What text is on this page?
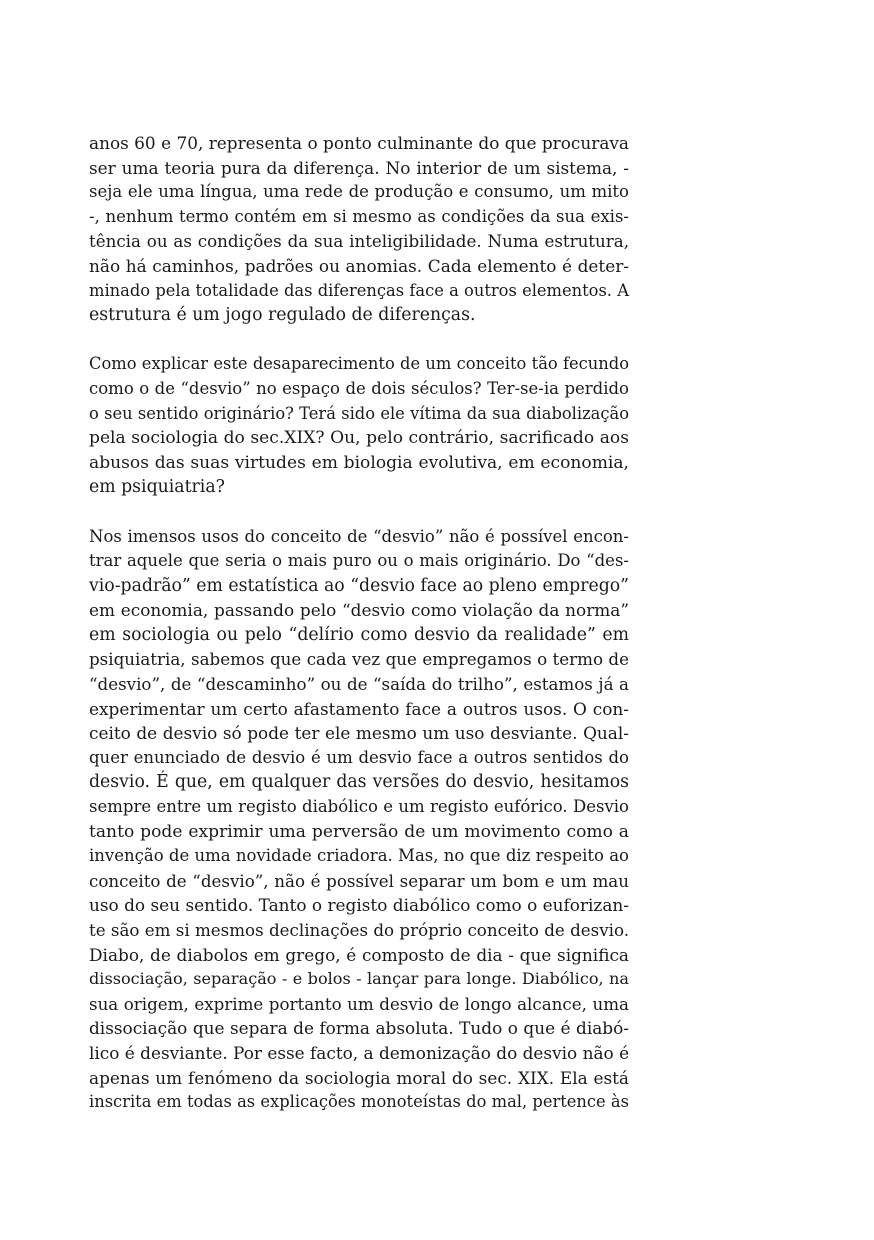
anos 60 e 70, representa o ponto culminante do que procurava
ser uma teoria pura da diferença. No interior de um sistema, -
seja ele uma língua, uma rede de produção e consumo, um mito
-, nenhum termo contém em si mesmo as condições da sua exis-
tência ou as condições da sua inteligibilidade. Numa estrutura,
não há caminhos, padrões ou anomias. Cada elemento é deter-
minado pela totalidade das diferenças face a outros elementos. A
estrutura é um jogo regulado de diferenças.
Como explicar este desaparecimento de um conceito tão fecundo
como o de “desvio” no espaço de dois séculos? Ter-se-ia perdido
o seu sentido originário? Terá sido ele vítima da sua diabolização
pela sociologia do sec.XIX? Ou, pelo contrário, sacrificado aos
abusos das suas virtudes em biologia evolutiva, em economia,
em psiquiatria?
Nos imensos usos do conceito de “desvio” não é possível encon-
trar aquele que seria o mais puro ou o mais originário. Do “des-
vio-padrão” em estatística ao “desvio face ao pleno emprego”
em economia, passando pelo “desvio como violação da norma”
em sociologia ou pelo “delírio como desvio da realidade” em
psiquiatria, sabemos que cada vez que empregamos o termo de
“desvio”, de “descaminho” ou de “saída do trilho”, estamos já a
experimentar um certo afastamento face a outros usos. O con-
ceito de desvio só pode ter ele mesmo um uso desviante. Qual-
quer enunciado de desvio é um desvio face a outros sentidos do
desvio. É que, em qualquer das versões do desvio, hesitamos
sempre entre um registo diabólico e um registo eufórico. Desvio
tanto pode exprimir uma perversão de um movimento como a
invenção de uma novidade criadora. Mas, no que diz respeito ao
conceito de “desvio”, não é possível separar um bom e um mau
uso do seu sentido. Tanto o registo diabólico como o euforizan-
te são em si mesmos declinações do próprio conceito de desvio.
Diabo, de diabolos em grego, é composto de dia - que significa
dissociação, separação - e bolos - lançar para longe. Diabólico, na
sua origem, exprime portanto um desvio de longo alcance, uma
dissociação que separa de forma absoluta. Tudo o que é diabó-
lico é desviante. Por esse facto, a demonização do desvio não é
apenas um fenómeno da sociologia moral do sec. XIX. Ela está
inscrita em todas as explicações monoteístas do mal, pertence às
